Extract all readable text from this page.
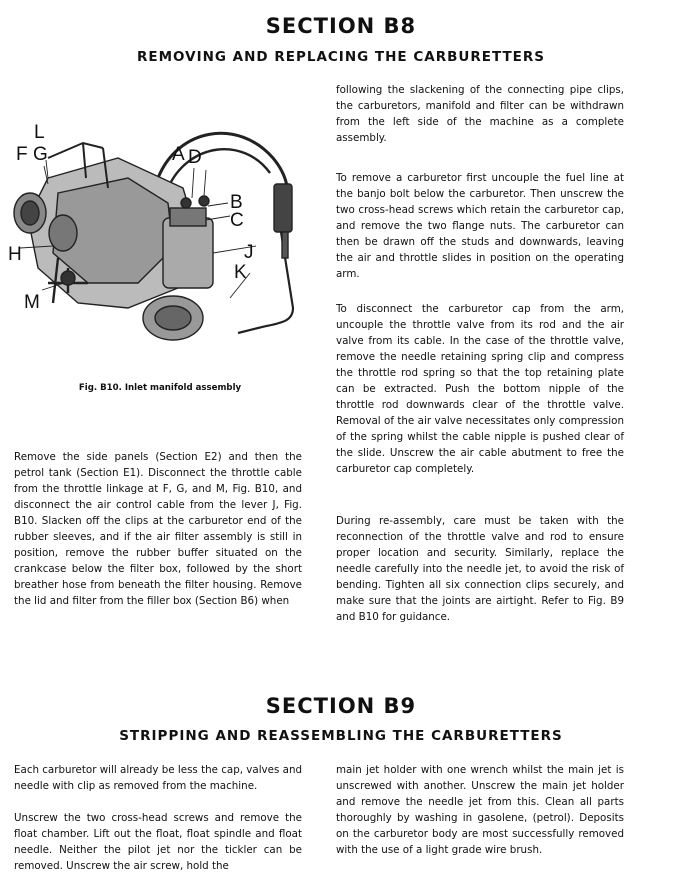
SECTION B8
REMOVING AND REPLACING THE CARBURETTERS
L
F G	A D
B
C
H	J
K
M
Fig. B10. Inlet manifold assembly

Remove the side panels (Section E2) and then the petrol tank (Section E1). Disconnect the throttle cable from the throttle linkage at F, G, and M, Fig. B10, and disconnect the air control cable from the lever J, Fig. B10. Slacken off the clips at the carburetor end of the rubber sleeves, and if the air filter assembly is still in position, remove the rubber buffer situated on the crankcase below the filter box, followed by the short breather hose from beneath the filter housing. Remove the lid and filter from the filler box (Section B6) when

following the slackening of the connecting pipe clips, the carburetors, manifold and filter can be withdrawn from the left side of the machine as a complete assembly.

To remove a carburetor first uncouple the fuel line at the banjo bolt below the carburetor. Then unscrew the two cross-head screws which retain the carburetor cap, and remove the two flange nuts. The carburetor can then be drawn off the studs and downwards, leaving the air and throttle slides in position on the operating arm.

To disconnect the carburetor cap from the arm, uncouple the throttle valve from its rod and the air valve from its cable. In the case of the throttle valve, remove the needle retaining spring clip and compress the throttle rod spring so that the top retaining plate can be extracted. Push the bottom nipple of the throttle rod downwards clear of the throttle valve. Removal of the air valve necessitates only compression of the spring whilst the cable nipple is pushed clear of the slide. Unscrew the air cable abutment to free the carburetor cap completely.

During re-assembly, care must be taken with the reconnection of the throttle valve and rod to ensure proper location and security. Similarly, replace the needle carefully into the needle jet, to avoid the risk of bending. Tighten all six connection clips securely, and make sure that the joints are airtight. Refer to Fig. B9 and B10 for guidance.

SECTION B9
STRIPPING AND REASSEMBLING THE CARBURETTERS

Each carburetor will already be less the cap, valves and needle with clip as removed from the machine.

Unscrew the two cross-head screws and remove the float chamber. Lift out the float, float spindle and float needle. Neither the pilot jet nor the tickler can be removed. Unscrew the air screw, hold the

main jet holder with one wrench whilst the main jet is unscrewed with another. Unscrew the main jet holder and remove the needle jet from this. Clean all parts thoroughly by washing in gasolene, (petrol). Deposits on the carburetor body are most successfully removed with the use of a light grade wire brush.
